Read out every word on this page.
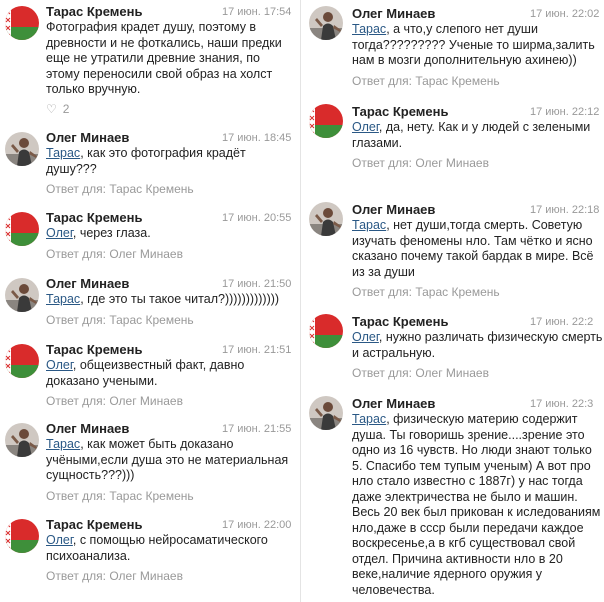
Тарас Кремень	17 июн. 17:54
Фотография крадет душу, поэтому в древности и не фоткались, наши предки еще не утратили древние знания, по этому переносили свой образ на холст только вручную.
♡ 2
Олег Минаев	17 июн. 18:45
Тарас, как это фотография крадёт душу???
Ответ для: Тарас Кремень
Тарас Кремень	17 июн. 20:55
Олег, через глаза.
Ответ для: Олег Минаев
Олег Минаев	17 июн. 21:50
Тарас, где это ты такое читал?)))))))))))))
Ответ для: Тарас Кремень
Тарас Кремень	17 июн. 21:51
Олег, общеизвестный факт, давно доказано учеными.
Ответ для: Олег Минаев
Олег Минаев	17 июн. 21:55
Тарас, как может быть доказано учёными,если душа это не материальная сущность???)))
Ответ для: Тарас Кремень
Тарас Кремень	17 июн. 22:00
Олег, с помощью нейросаматического психоанализа.
Ответ для: Олег Минаев
Олег Минаев	17 июн. 22:02
Тарас, а что,у слепого нет души тогда????????? Ученые то ширма,залить нам в мозги дополнительную ахинею))
Ответ для: Тарас Кремень
Тарас Кремень	17 июн. 22:12
Олег, да, нету. Как и у людей с зелеными глазами.
Ответ для: Олег Минаев
Олег Минаев	17 июн. 22:18
Тарас, нет души,тогда смерть. Советую изучать феномены нло. Там чётко и ясно сказано почему такой бардак в мире. Всё из за души
Ответ для: Тарас Кремень
Тарас Кремень	17 июн. 22:2
Олег, нужно различать физическую смерть и астральную.
Ответ для: Олег Минаев
Олег Минаев	17 июн. 22:3
Тарас, физическую материю содержит душа. Ты говоришь зрение....зрение это одно из 16 чувств. Но люди знают только 5. Спасибо тем тупым ученым) А вот про нло стало известно с 1887г) у нас тогда даже электричества не было и машин. Весь 20 век был прикован к иследованиям нло,даже в ссср были передачи каждое воскресенье,а в кгб существовал свой отдел. Причина активности нло в 20 веке,наличие ядерного оружия у человечества.
